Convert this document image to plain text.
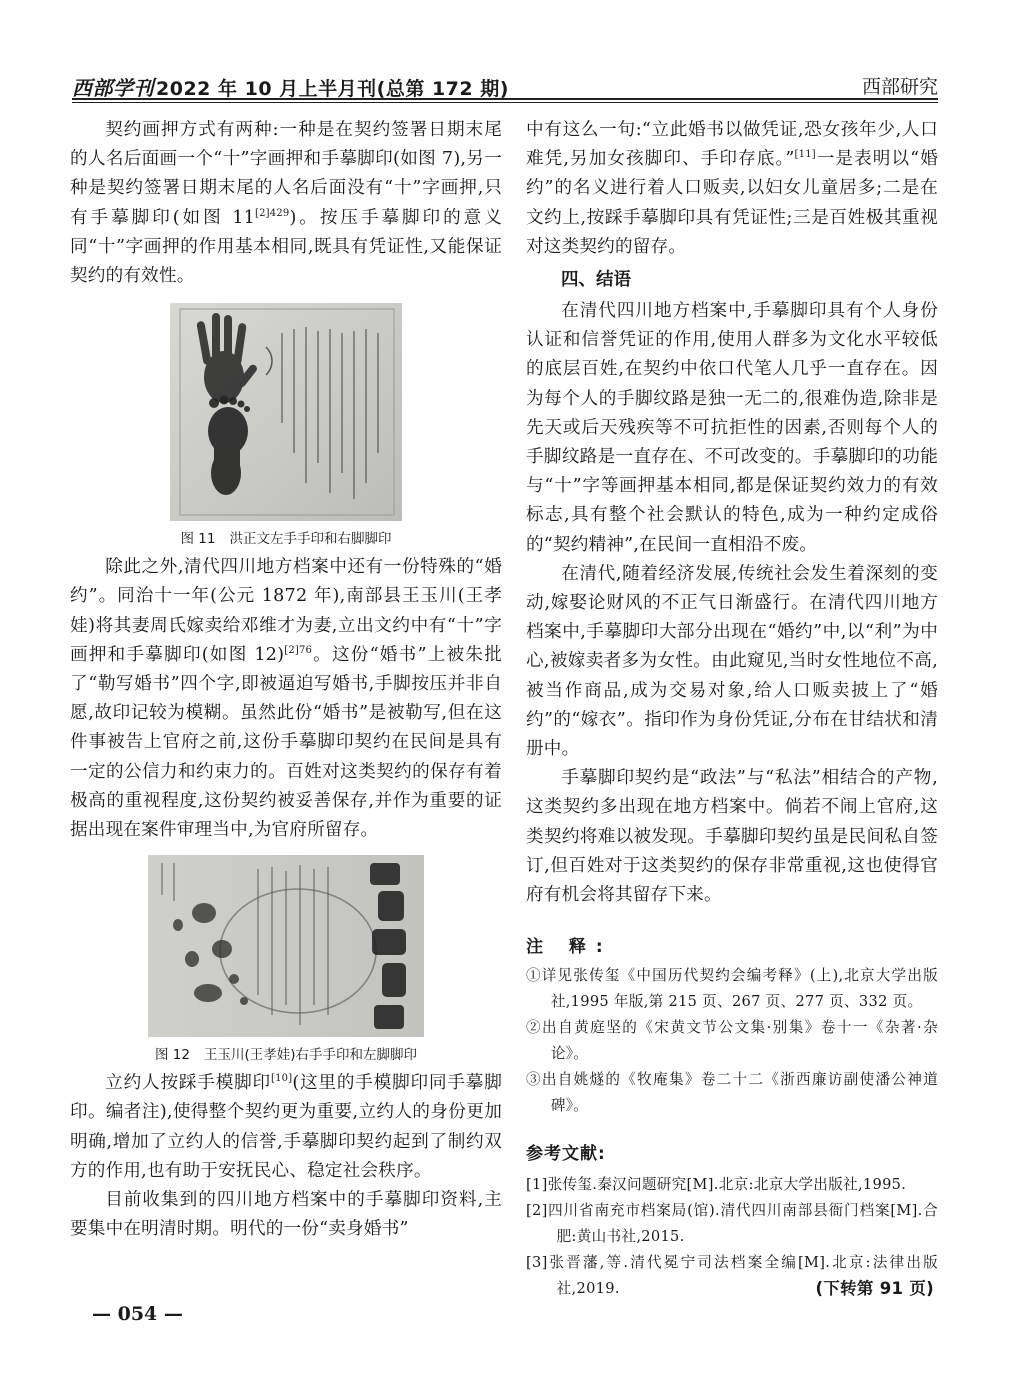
西部学刊 2022 年 10 月上半月刊(总第 172 期)	西部研究

契约画押方式有两种:一种是在契约签署日期末尾的人名后面画一个“十”字画押和手摹脚印(如图 7),另一种是契约签署日期末尾的人名后面没有“十”字画押,只有手摹脚印(如图 $11^{[2]429}$)。按压手摹脚印的意义同“十”字画押的作用基本相同,既具有凭证性,又能保证契约的有效性。

图 11 洪正文左手手印和右脚脚印

除此之外,清代四川地方档案中还有一份特殊的“婚约”。同治十一年(公元 1872 年),南部县王玉川(王孝娃)将其妻周氏嫁卖给邓维才为妻,立出文约中有“十”字画押和手摹脚印(如图 12)$^{[2]76}$。这份“婚书”上被朱批了“勒写婚书”四个字,即被逼迫写婚书,手脚按压并非自愿,故印记较为模糊。虽然此份“婚书”是被勒写,但在这件事被告上官府之前,这份手摹脚印契约在民间是具有一定的公信力和约束力的。百姓对这类契约的保存有着极高的重视程度,这份契约被妥善保存,并作为重要的证据出现在案件审理当中,为官府所留存。

图 12 王玉川(王孝娃)右手手印和左脚脚印

立约人按踩手模脚印[10](这里的手模脚印同手摹脚印。编者注),使得整个契约更为重要,立约人的身份更加明确,增加了立约人的信誉,手摹脚印契约起到了制约双方的作用,也有助于安抚民心、稳定社会秩序。

目前收集到的四川地方档案中的手摹脚印资料,主要集中在明清时期。明代的一份“卖身婚书”

中有这么一句:“立此婚书以做凭证,恐女孩年少,人口难凭,另加女孩脚印、手印存底。”[11]一是表明以“婚约”的名义进行着人口贩卖,以妇女儿童居多;二是在文约上,按踩手摹脚印具有凭证性;三是百姓极其重视对这类契约的留存。

四、结语

在清代四川地方档案中,手摹脚印具有个人身份认证和信誉凭证的作用,使用人群多为文化水平较低的底层百姓,在契约中依口代笔人几乎一直存在。因为每个人的手脚纹路是独一无二的,很难伪造,除非是先天或后天残疾等不可抗拒性的因素,否则每个人的手脚纹路是一直存在、不可改变的。手摹脚印的功能与“十”字等画押基本相同,都是保证契约效力的有效标志,具有整个社会默认的特色,成为一种约定成俗的“契约精神”,在民间一直相沿不废。

在清代,随着经济发展,传统社会发生着深刻的变动,嫁娶论财风的不正气日渐盛行。在清代四川地方档案中,手摹脚印大部分出现在“婚约”中,以“利”为中心,被嫁卖者多为女性。由此窥见,当时女性地位不高,被当作商品,成为交易对象,给人口贩卖披上了“婚约”的“嫁衣”。指印作为身份凭证,分布在甘结状和清册中。

手摹脚印契约是“政法”与“私法”相结合的产物,这类契约多出现在地方档案中。倘若不闹上官府,这类契约将难以被发现。手摹脚印契约虽是民间私自签订,但百姓对于这类契约的保存非常重视,这也使得官府有机会将其留存下来。

注 释:
①详见张传玺《中国历代契约会编考释》(上),北京大学出版社,1995 年版,第 215 页、267 页、277 页、332 页。
②出自黄庭坚的《宋黄文节公文集·别集》卷十一《杂著·杂论》。
③出自姚燧的《牧庵集》卷二十二《浙西廉访副使潘公神道碑》。
参考文献:
[1]张传玺.秦汉问题研究[M].北京:北京大学出版社,1995.
[2]四川省南充市档案局(馆).清代四川南部县衙门档案[M].合肥:黄山书社,2015.
[3]张晋藩,等.清代冕宁司法档案全编[M].北京:法律出版社,2019.	(下转第 91 页)
— 054 —
